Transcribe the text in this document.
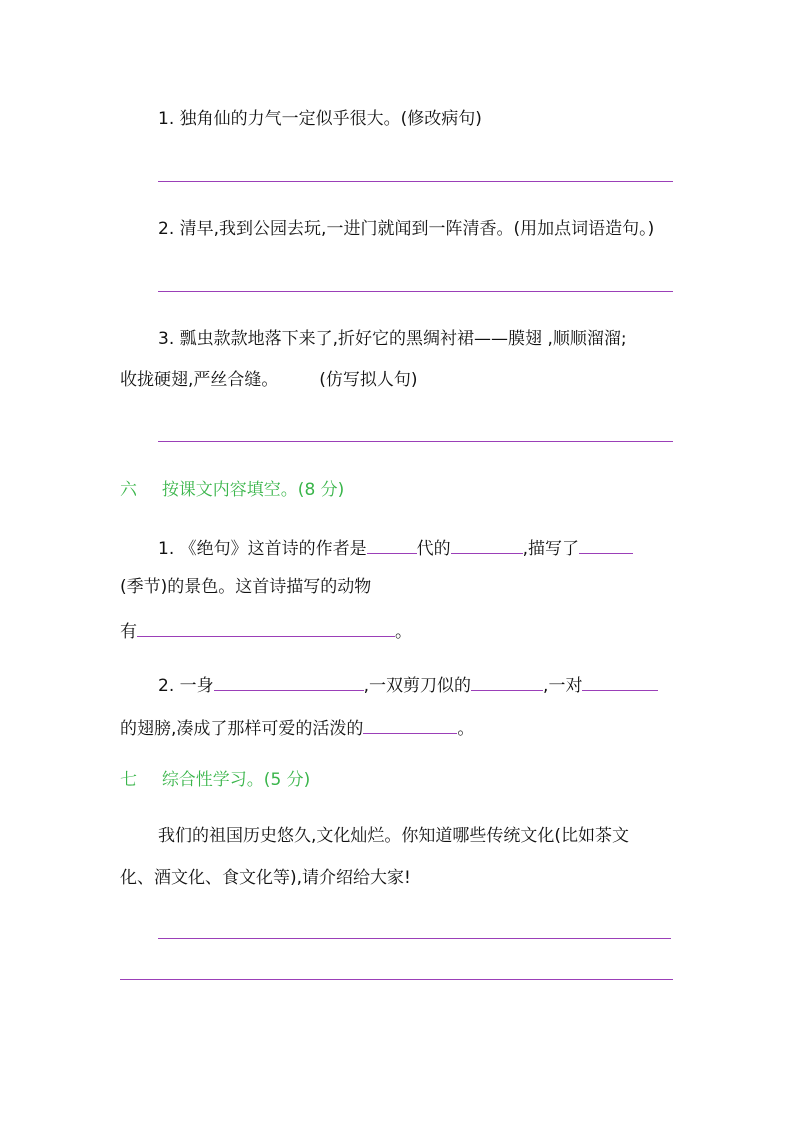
1. 独角仙的力气一定似乎很大。(修改病句)
2. 清早,我到公园去玩,一进门就闻到一阵清香。(用加点词语造句。)
3. 瓢虫款款地落下来了,折好它的黑绸衬裙——膜翅 ,顺顺溜溜;
收拢硬翅,严丝合缝。 (仿写拟人句)
六 按课文内容填空。(8 分)
1. 《绝句》这首诗的作者是	代的	,描写了
(季节)的景色。这首诗描写的动物
有	。
2. 一身	,一双剪刀似的	,一对
的翅膀,凑成了那样可爱的活泼的	。
七 综合性学习。(5 分)
我们的祖国历史悠久,文化灿烂。你知道哪些传统文化(比如茶文
化、酒文化、食文化等),请介绍给大家!
